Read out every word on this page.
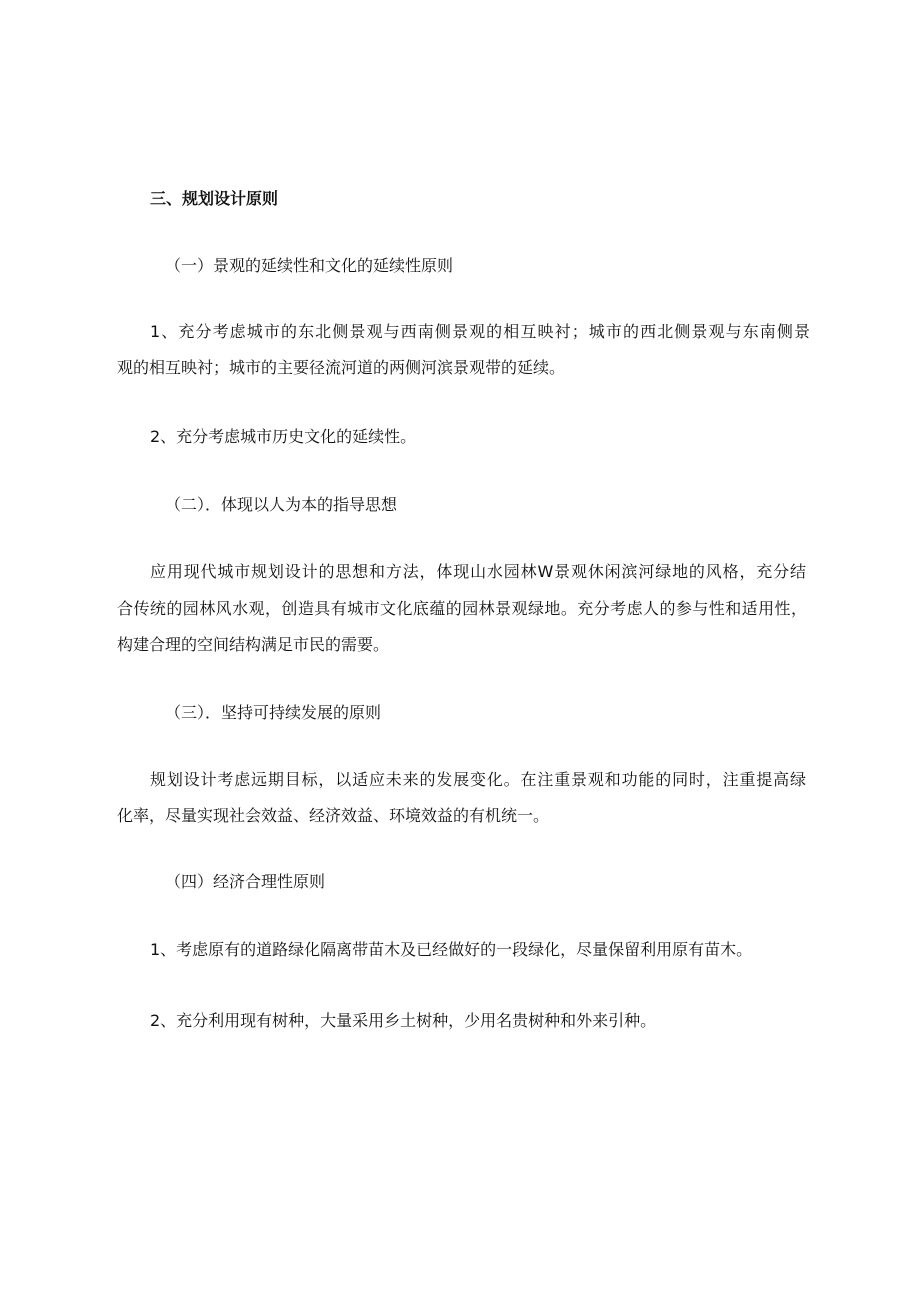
三、规划设计原则
（一）景观的延续性和文化的延续性原则
1、充分考虑城市的东北侧景观与西南侧景观的相互映衬；城市的西北侧景观与东南侧景
观的相互映衬；城市的主要径流河道的两侧河滨景观带的延续。
2、充分考虑城市历史文化的延续性。
（二）．体现以人为本的指导思想
应用现代城市规划设计的思想和方法，体现山水园林W景观休闲滨河绿地的风格，充分结
合传统的园林风水观，创造具有城市文化底蕴的园林景观绿地。充分考虑人的参与性和适用性，
构建合理的空间结构满足市民的需要。
（三）．坚持可持续发展的原则
规划设计考虑远期目标，以适应未来的发展变化。在注重景观和功能的同时，注重提高绿
化率，尽量实现社会效益、经济效益、环境效益的有机统一。
（四）经济合理性原则
1、考虑原有的道路绿化隔离带苗木及已经做好的一段绿化，尽量保留利用原有苗木。
2、充分利用现有树种，大量采用乡土树种，少用名贵树种和外来引种。
